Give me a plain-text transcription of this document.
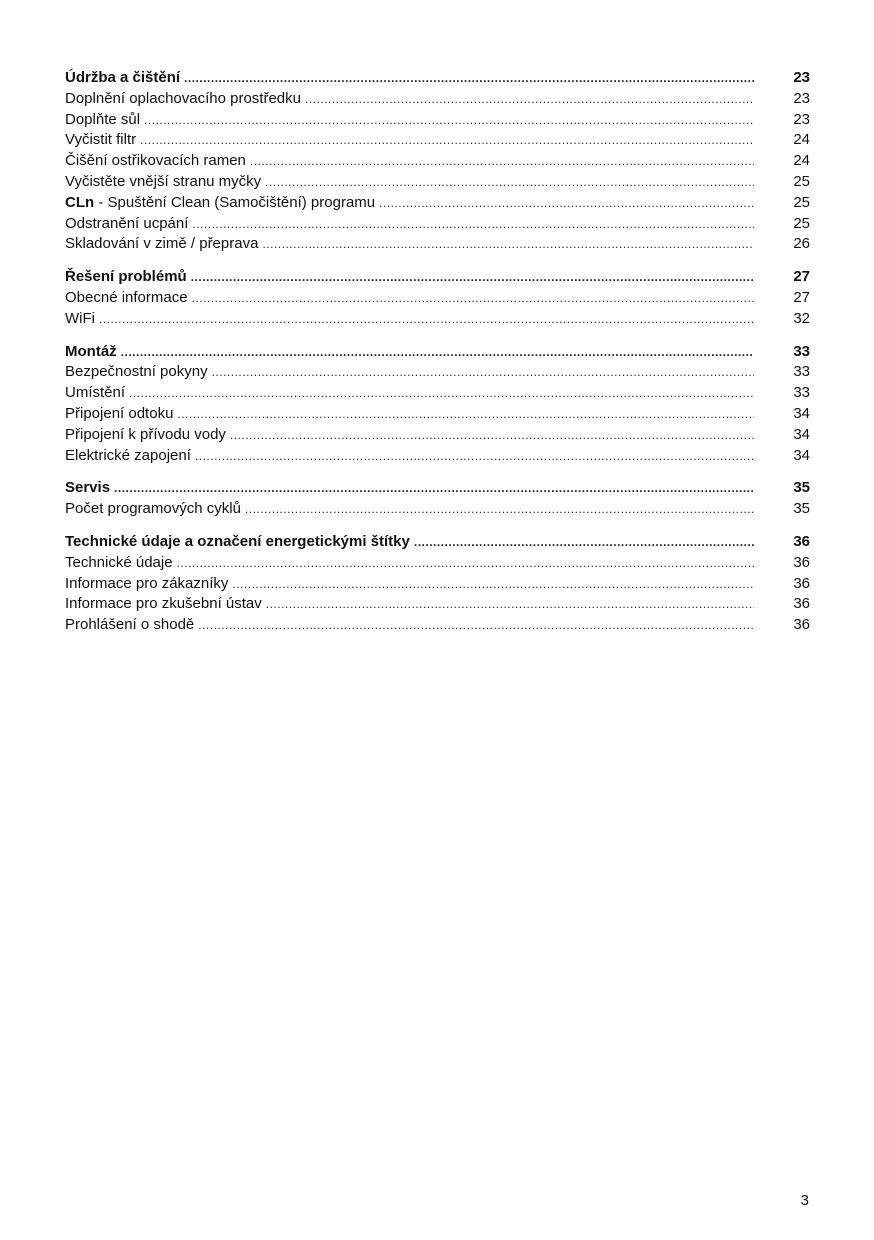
Údržba a čištění .....	23
Doplnění oplachovacího prostředku .....	23
Doplňte sůl .....	23
Vyčistit filtr .....	24
Čišění ostřikovacích ramen .....	24
Vyčistěte vnější stranu myčky .....	25
CLn - Spuštění Clean (Samočištění) programu .....	25
Odstranění ucpání .....	25
Skladování v zimě / přeprava .....	26
Řešení problémů .....	27
Obecné informace .....	27
WiFi .....	32
Montáž .....	33
Bezpečnostní pokyny .....	33
Umístění .....	33
Připojení odtoku .....	34
Připojení k přívodu vody .....	34
Elektrické zapojení .....	34
Servis .....	35
Počet programových cyklů .....	35
Technické údaje a označení energetickými štítky .....	36
Technické údaje .....	36
Informace pro zákazníky .....	36
Informace pro zkušební ústav .....	36
Prohlášení o shodě .....	36
3
